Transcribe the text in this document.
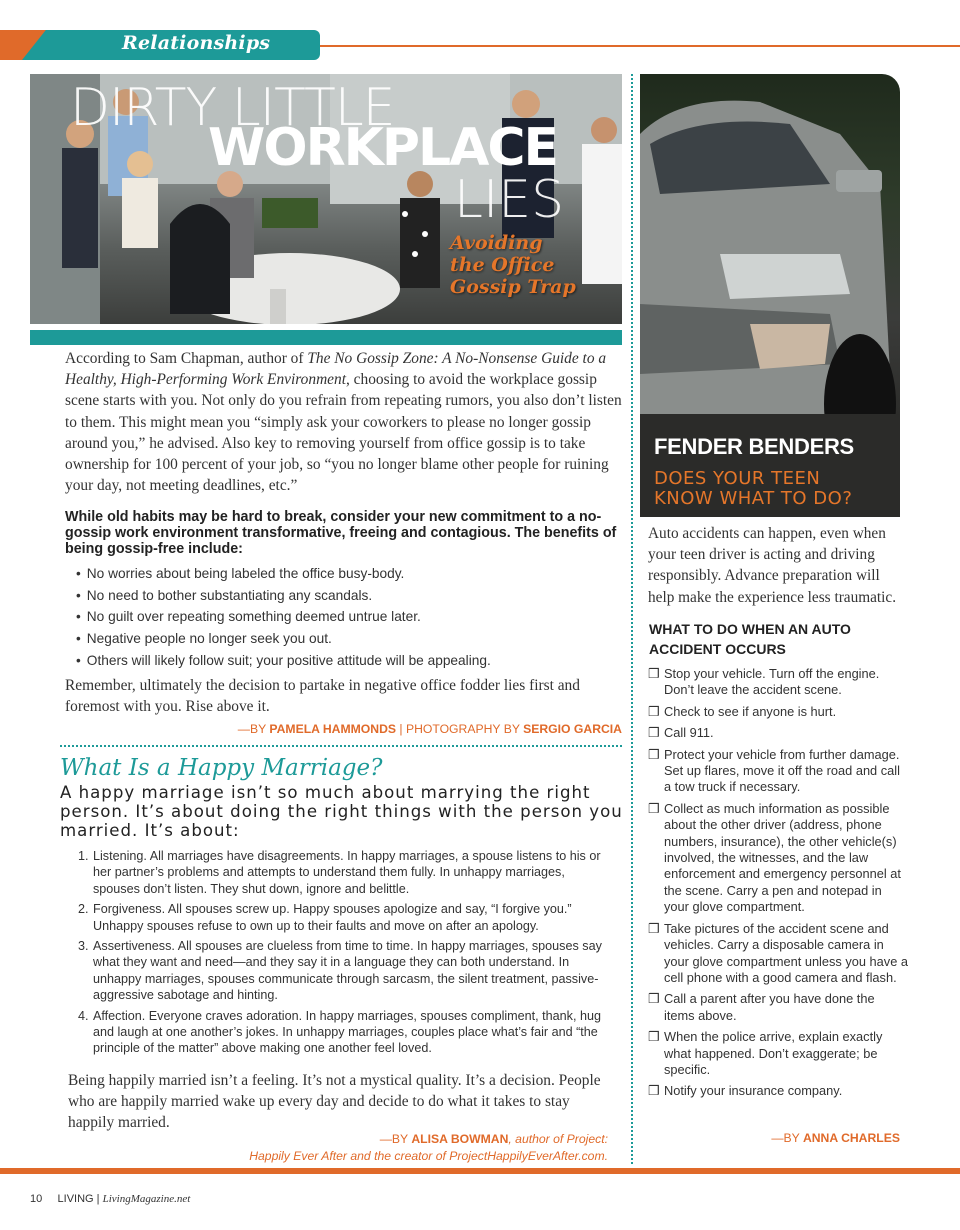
Relationships
DIRTY LITTLE
WORKPLACE
LIES
Avoiding
the Office
Gossip Trap
According to Sam Chapman, author of The No Gossip Zone: A No-Nonsense Guide to a Healthy, High-Performing Work Environment, choosing to avoid the workplace gossip scene starts with you. Not only do you refrain from repeating rumors, you also don’t listen to them. This might mean you “simply ask your coworkers to please no longer gossip around you,” he advised. Also key to removing yourself from office gossip is to take ownership for 100 percent of your job, so “you no longer blame other people for ruining your day, not meeting deadlines, etc.”
While old habits may be hard to break, consider your new commitment to a no-gossip work environment transformative, freeing and contagious. The benefits of being gossip-free include:
• No worries about being labeled the office busy-body.
• No need to bother substantiating any scandals.
• No guilt over repeating something deemed untrue later.
• Negative people no longer seek you out.
• Others will likely follow suit; your positive attitude will be appealing.
Remember, ultimately the decision to partake in negative office fodder lies first and foremost with you. Rise above it.
—BY PAMELA HAMMONDS | PHOTOGRAPHY BY SERGIO GARCIA
What Is a Happy Marriage?
A happy marriage isn’t so much about marrying the right person. It’s about doing the right things with the person you married. It’s about:
1. Listening. All marriages have disagreements. In happy marriages, a spouse listens to his or her partner’s problems and attempts to understand them fully. In unhappy marriages, spouses don’t listen. They shut down, ignore and belittle.
2. Forgiveness. All spouses screw up. Happy spouses apologize and say, “I forgive you.” Unhappy spouses refuse to own up to their faults and move on after an apology.
3. Assertiveness. All spouses are clueless from time to time. In happy marriages, spouses say what they want and need—and they say it in a language they can both understand. In unhappy marriages, spouses communicate through sarcasm, the silent treatment, passive-aggressive sabotage and hinting.
4. Affection. Everyone craves adoration. In happy marriages, spouses compliment, thank, hug and laugh at one another’s jokes. In unhappy marriages, couples place what’s fair and “the principle of the matter” above making one another feel loved.
Being happily married isn’t a feeling. It’s not a mystical quality. It’s a decision. People who are happily married wake up every day and decide to do what it takes to stay happily married.
—BY ALISA BOWMAN, author of Project:
Happily Ever After and the creator of ProjectHappilyEverAfter.com.
FENDER BENDERS
DOES YOUR TEEN
KNOW WHAT TO DO?
Auto accidents can happen, even when your teen driver is acting and driving responsibly. Advance preparation will help make the experience less traumatic.
WHAT TO DO WHEN AN AUTO ACCIDENT OCCURS
❒ Stop your vehicle. Turn off the engine. Don’t leave the accident scene.
❒ Check to see if anyone is hurt.
❒ Call 911.
❒ Protect your vehicle from further damage. Set up flares, move it off the road and call a tow truck if necessary.
❒ Collect as much information as possible about the other driver (address, phone numbers, insurance), the other vehicle(s) involved, the witnesses, and the law enforcement and emergency personnel at the scene. Carry a pen and notepad in your glove compartment.
❒ Take pictures of the accident scene and vehicles. Carry a disposable camera in your glove compartment unless you have a cell phone with a good camera and flash.
❒ Call a parent after you have done the items above.
❒ When the police arrive, explain exactly what happened. Don’t exaggerate; be specific.
❒ Notify your insurance company.
—BY ANNA CHARLES
10 LIVING | LivingMagazine.net
